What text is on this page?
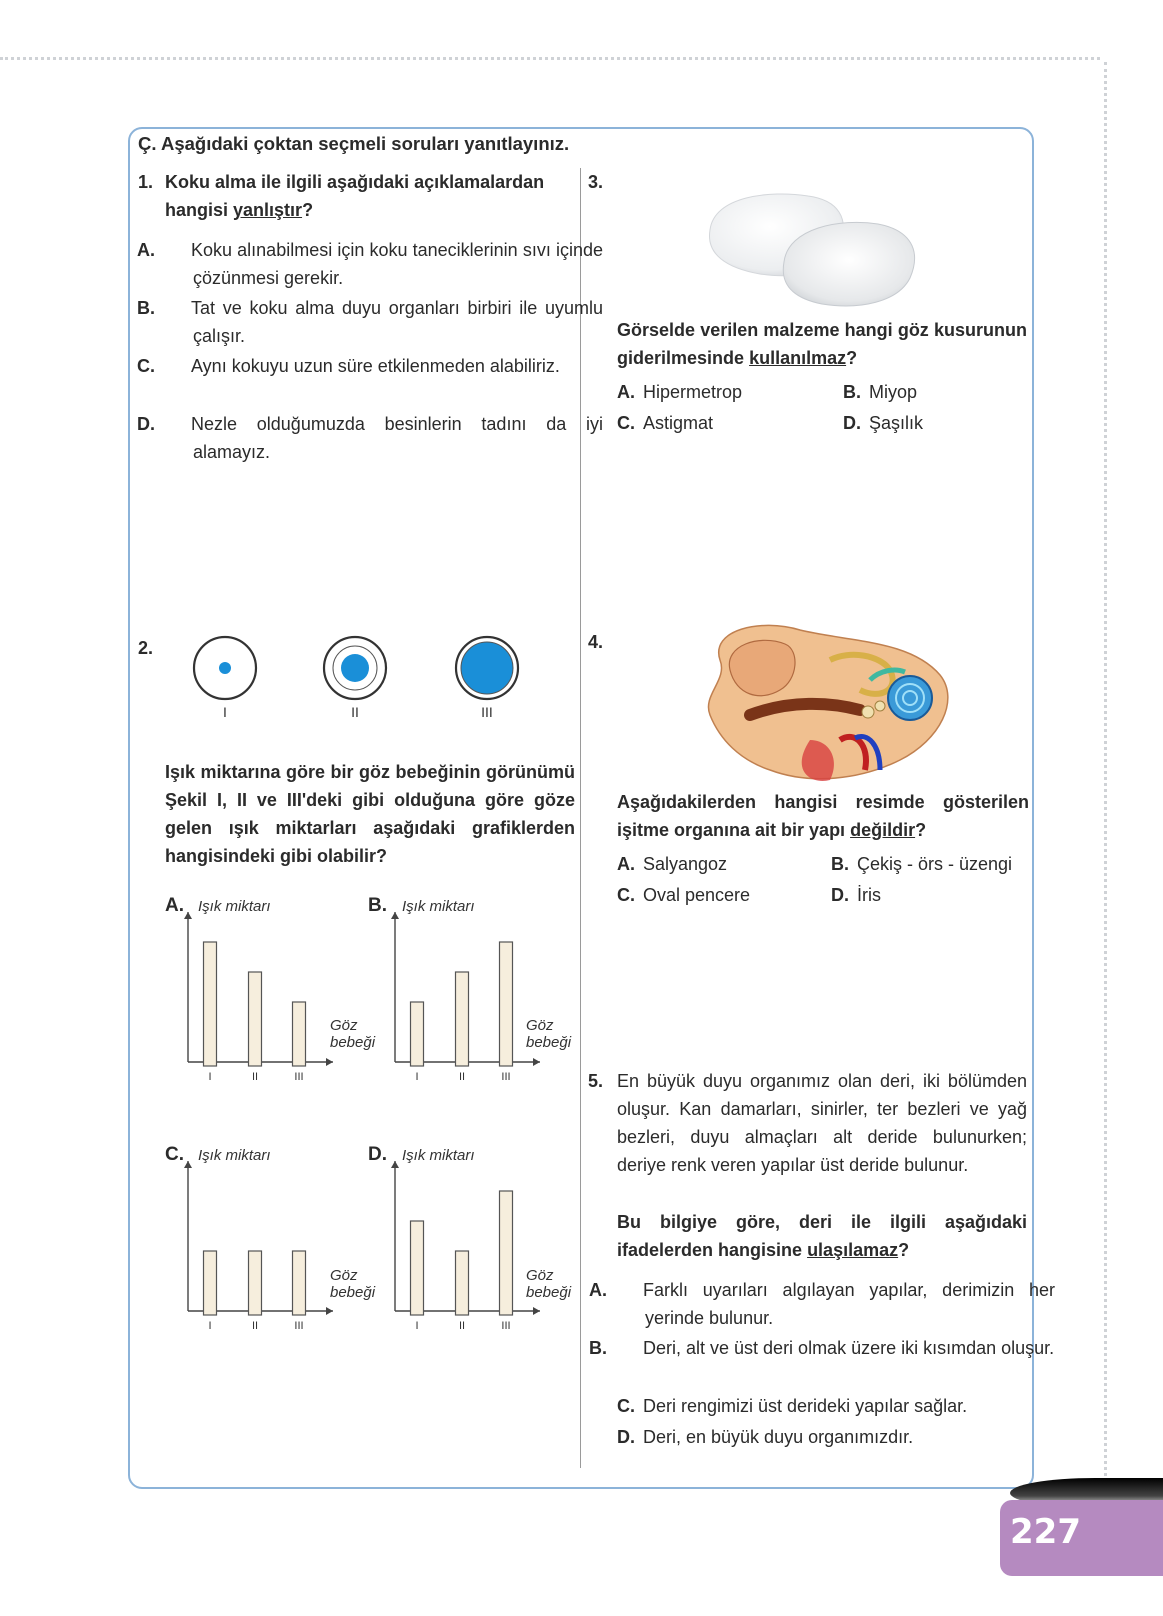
Ç. Aşağıdaki çoktan seçmeli soruları yanıtlayınız.
1. Koku alma ile ilgili aşağıdaki açıklamalardan
hangisi yanlıştır?
A. Koku alınabilmesi için koku taneciklerinin sıvı içinde çözünmesi gerekir.
B. Tat ve koku alma duyu organları birbiri ile uyumlu çalışır.
C. Aynı kokuyu uzun süre etkilenmeden alabiliriz.
D. Nezle olduğumuzda besinlerin tadını da iyi alamayız.
3.
Görselde verilen malzeme hangi göz kusurunun giderilmesinde kullanılmaz?
A. Hipermetrop	B. Miyop
C. Astigmat	D. Şaşılık
2.
I	II	III
Işık miktarına göre bir göz bebeğinin görünümü Şekil I, II ve III'deki gibi olduğuna göre göze gelen ışık miktarları aşağıdaki grafiklerden hangisindeki gibi olabilir?
A. Işık miktarı
Göz
bebeği
I	II	III
B. Işık miktarı
Göz
bebeği
I	II	III
C. Işık miktarı
Göz
bebeği
I	II	III
D. Işık miktarı
Göz
bebeği
I	II	III
4.
Aşağıdakilerden hangisi resimde gösterilen işitme organına ait bir yapı değildir?
A. Salyangoz	B. Çekiş - örs - üzengi
C. Oval pencere	D. İris
5. En büyük duyu organımız olan deri, iki bölümden oluşur. Kan damarları, sinirler, ter bezleri ve yağ bezleri, duyu almaçları alt deride bulunurken; deriye renk veren yapılar üst deride bulunur.
Bu bilgiye göre, deri ile ilgili aşağıdaki ifadelerden hangisine ulaşılamaz?
A. Farklı uyarıları algılayan yapılar, derimizin her yerinde bulunur.
B. Deri, alt ve üst deri olmak üzere iki kısımdan oluşur.
C. Deri rengimizi üst derideki yapılar sağlar.
D. Deri, en büyük duyu organımızdır.
227
